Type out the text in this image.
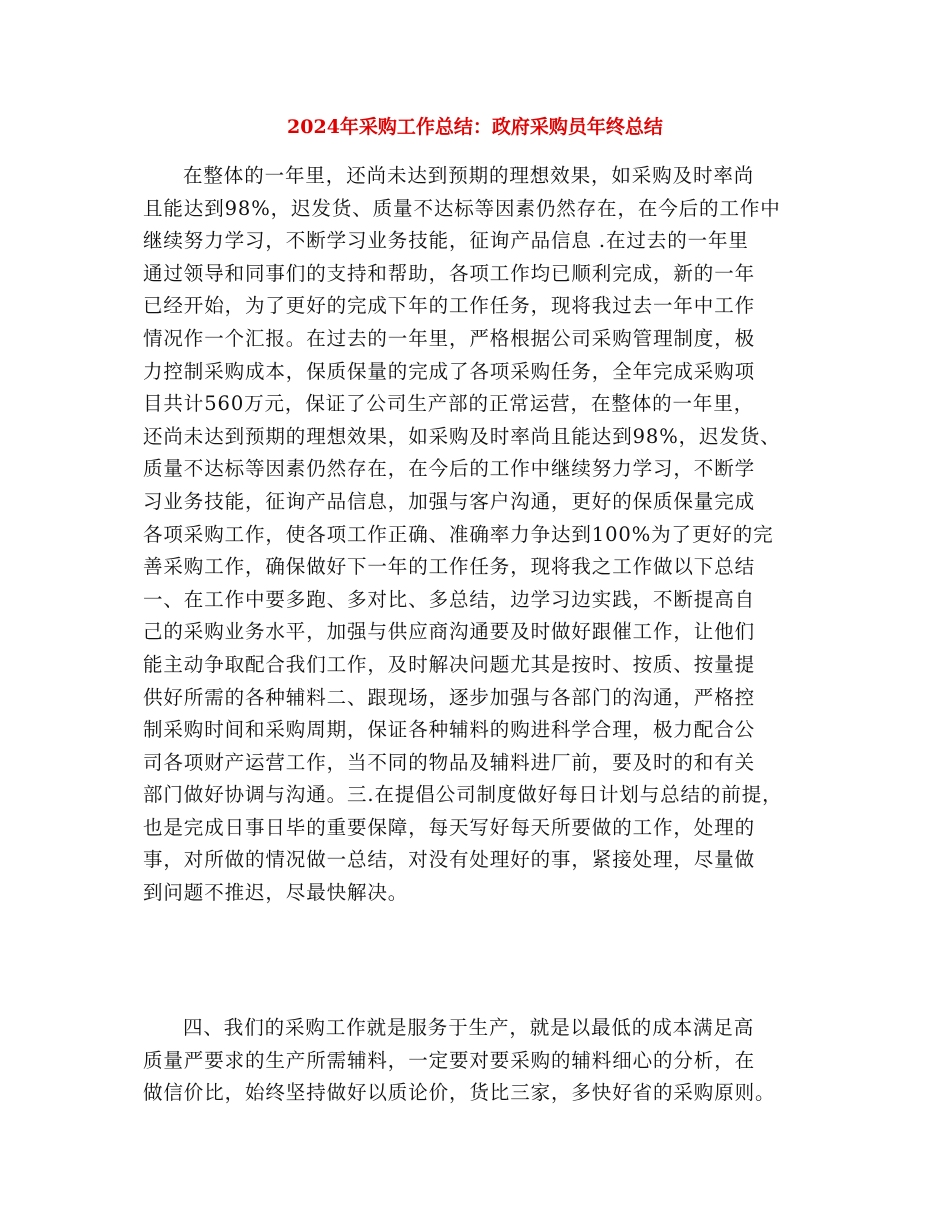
2024年采购工作总结：政府采购员年终总结
在整体的一年里，还尚未达到预期的理想效果，如采购及时率尚
且能达到98%，迟发货、质量不达标等因素仍然存在，在今后的工作中
继续努力学习，不断学习业务技能，征询产品信息 .在过去的一年里
通过领导和同事们的支持和帮助，各项工作均已顺利完成，新的一年
已经开始，为了更好的完成下年的工作任务，现将我过去一年中工作
情况作一个汇报。在过去的一年里，严格根据公司采购管理制度，极
力控制采购成本，保质保量的完成了各项采购任务，全年完成采购项
目共计560万元，保证了公司生产部的正常运营，在整体的一年里，
还尚未达到预期的理想效果，如采购及时率尚且能达到98%，迟发货、
质量不达标等因素仍然存在，在今后的工作中继续努力学习，不断学
习业务技能，征询产品信息，加强与客户沟通，更好的保质保量完成
各项采购工作，使各项工作正确、准确率力争达到100%为了更好的完
善采购工作，确保做好下一年的工作任务，现将我之工作做以下总结
一、在工作中要多跑、多对比、多总结，边学习边实践，不断提高自
己的采购业务水平，加强与供应商沟通要及时做好跟催工作，让他们
能主动争取配合我们工作，及时解决问题尤其是按时、按质、按量提
供好所需的各种辅料二、跟现场，逐步加强与各部门的沟通，严格控
制采购时间和采购周期，保证各种辅料的购进科学合理，极力配合公
司各项财产运营工作，当不同的物品及辅料进厂前，要及时的和有关
部门做好协调与沟通。三.在提倡公司制度做好每日计划与总结的前提，
也是完成日事日毕的重要保障，每天写好每天所要做的工作，处理的
事，对所做的情况做一总结，对没有处理好的事，紧接处理，尽量做
到问题不推迟，尽最快解决。
四、我们的采购工作就是服务于生产，就是以最低的成本满足高
质量严要求的生产所需辅料，一定要对要采购的辅料细心的分析，在
做信价比，始终坚持做好以质论价，货比三家，多快好省的采购原则。
